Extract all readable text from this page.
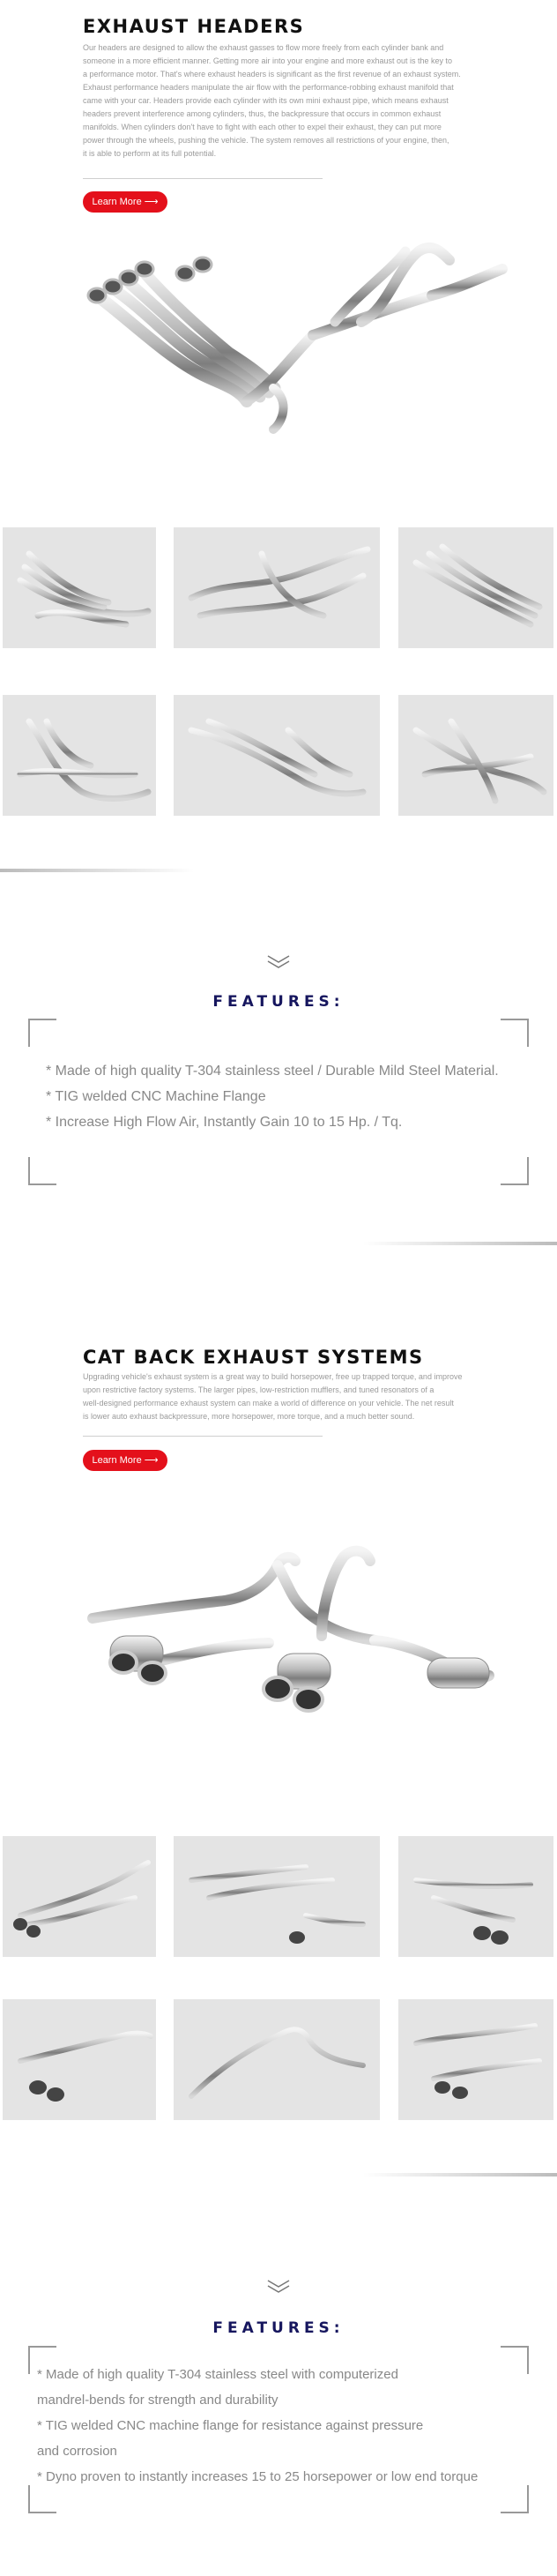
EXHAUST HEADERS
Our headers are designed to allow the exhaust gasses to flow more freely from each cylinder bank and
someone in a more efficient manner. Getting more air into your engine and more exhaust out is the key to
a performance motor. That's where exhaust headers is significant as the first revenue of an exhaust system.
Exhaust performance headers manipulate the air flow with the performance-robbing exhaust manifold that
came with your car. Headers provide each cylinder with its own mini exhaust pipe, which means exhaust
headers prevent interference among cylinders, thus, the backpressure that occurs in common exhaust
manifolds. When cylinders don't have to fight with each other to expel their exhaust, they can put more
power through the wheels, pushing the vehicle. The system removes all restrictions of your engine, then,
it is able to perform at its full potential.
Learn More ⟶
FEATURES:
* Made of high quality T-304 stainless steel / Durable Mild Steel Material.
* TIG welded CNC Machine Flange
* Increase High Flow Air, Instantly Gain 10 to 15 Hp. / Tq.
CAT BACK EXHAUST SYSTEMS
Upgrading vehicle's exhaust system is a great way to build horsepower, free up trapped torque, and improve
upon restrictive factory systems. The larger pipes, low-restriction mufflers, and tuned resonators of a
well-designed performance exhaust system can make a world of difference on your vehicle. The net result
is lower auto exhaust backpressure, more horsepower, more torque, and a much better sound.
Learn More ⟶
FEATURES:
* Made of high quality T-304 stainless steel with computerized
mandrel-bends for strength and durability
* TIG welded CNC machine flange for resistance against pressure
and corrosion
* Dyno proven to instantly increases 15 to 25 horsepower or low end torque
